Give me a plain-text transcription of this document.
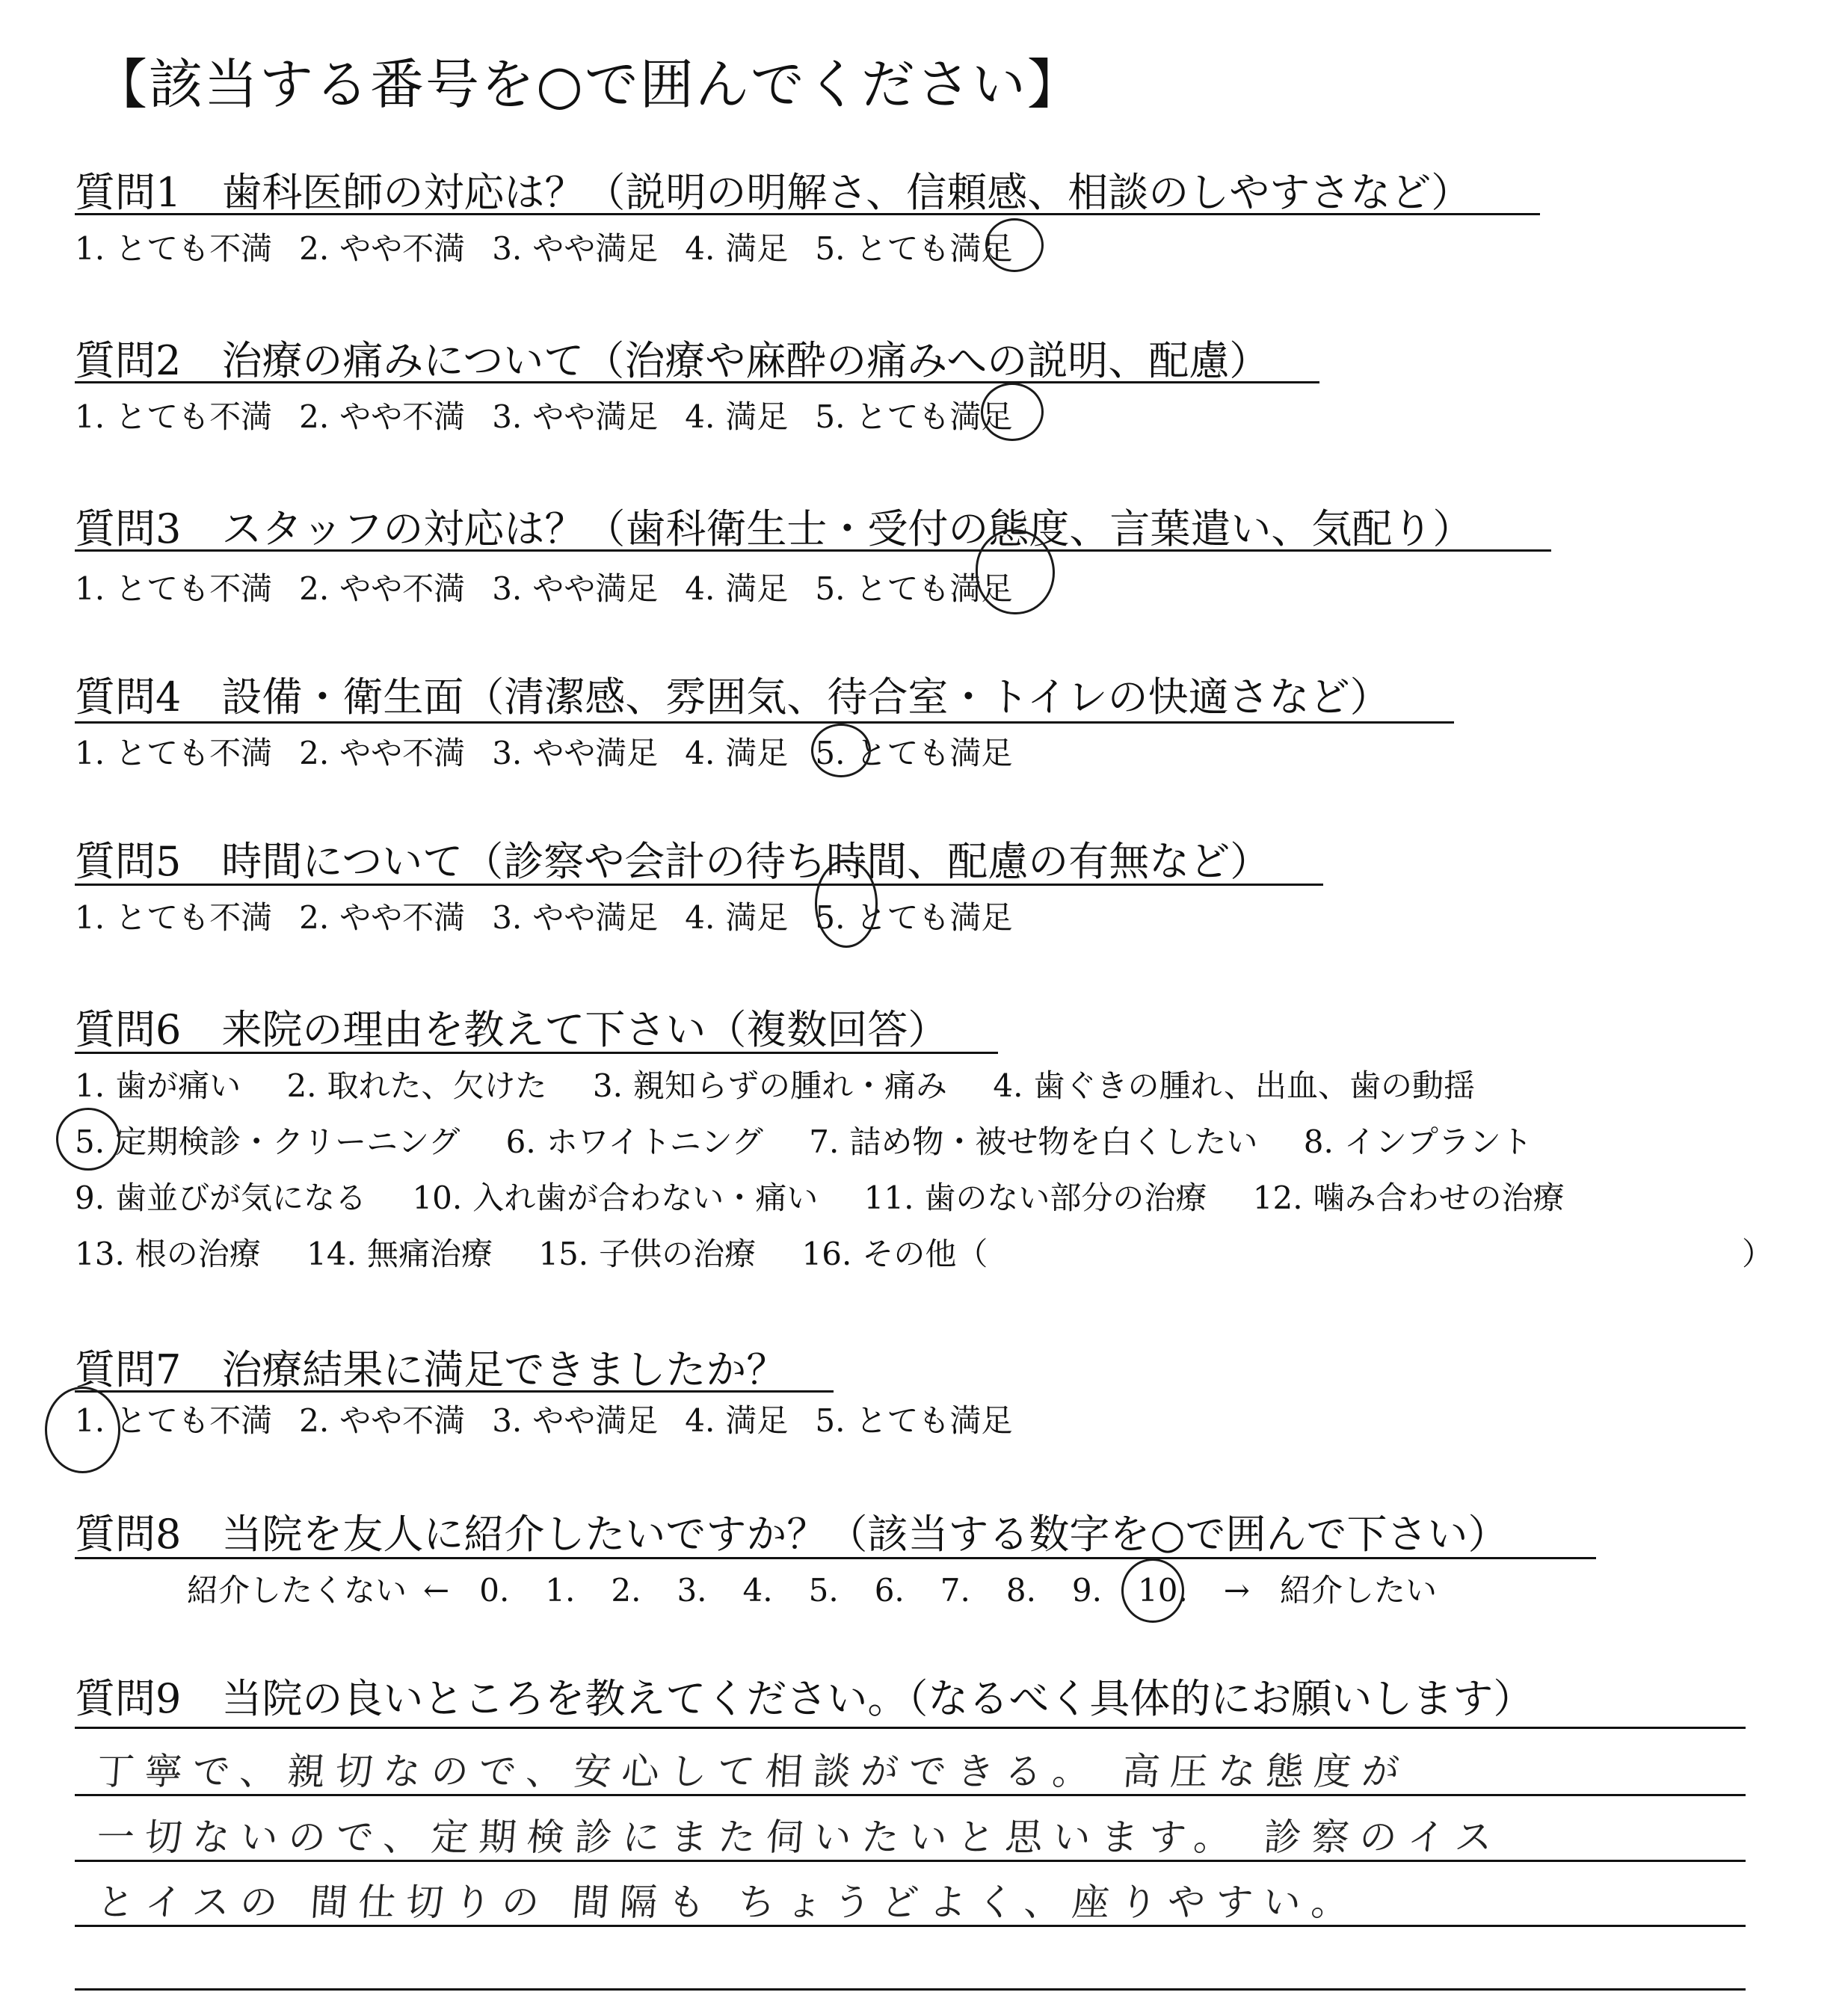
【該当する番号を○で囲んでください】
質問1　歯科医師の対応は？（説明の明解さ、信頼感、相談のしやすさなど）
1. とても不満 2. やや不満 3. やや満足 4. 満足 5. とても満足
質問2　治療の痛みについて（治療や麻酔の痛みへの説明、配慮）
1. とても不満 2. やや不満 3. やや満足 4. 満足 5. とても満足
質問3　スタッフの対応は？（歯科衛生士・受付の態度、言葉遣い、気配り）
1. とても不満 2. やや不満 3. やや満足 4. 満足 5. とても満足
質問4　設備・衛生面（清潔感、雰囲気、待合室・トイレの快適さなど）
1. とても不満 2. やや不満 3. やや満足 4. 満足 5. とても満足
質問5　時間について（診察や会計の待ち時間、配慮の有無など）
1. とても不満 2. やや不満 3. やや満足 4. 満足 5. とても満足
質問6　来院の理由を教えて下さい（複数回答）
1. 歯が痛い
2. 取れた、欠けた
3. 親知らずの腫れ・痛み
4. 歯ぐきの腫れ、出血、歯の動揺
5. 定期検診・クリーニング
6. ホワイトニング
7. 詰め物・被せ物を白くしたい
8. インプラント
9. 歯並びが気になる
10. 入れ歯が合わない・痛い
11. 歯のない部分の治療
12. 噛み合わせの治療
13. 根の治療
14. 無痛治療
15. 子供の治療
16. その他（	）
質問7　治療結果に満足できましたか？
1. とても不満 2. やや不満 3. やや満足 4. 満足 5. とても満足
質問8　当院を友人に紹介したいですか？（該当する数字を○で囲んで下さい）
紹介したくない ← 0. 1. 2. 3. 4. 5. 6. 7. 8. 9. 10. → 紹介したい
質問9　当院の良いところを教えてください。（なるべく具体的にお願いします）
丁寧で、親切なので、安心して相談ができる。 高圧な態度が
一切ないので、定期検診にまた伺いたいと思います。 診察のイス
とイスの 間仕切りの 間隔も ちょうどよく、座りやすい。
